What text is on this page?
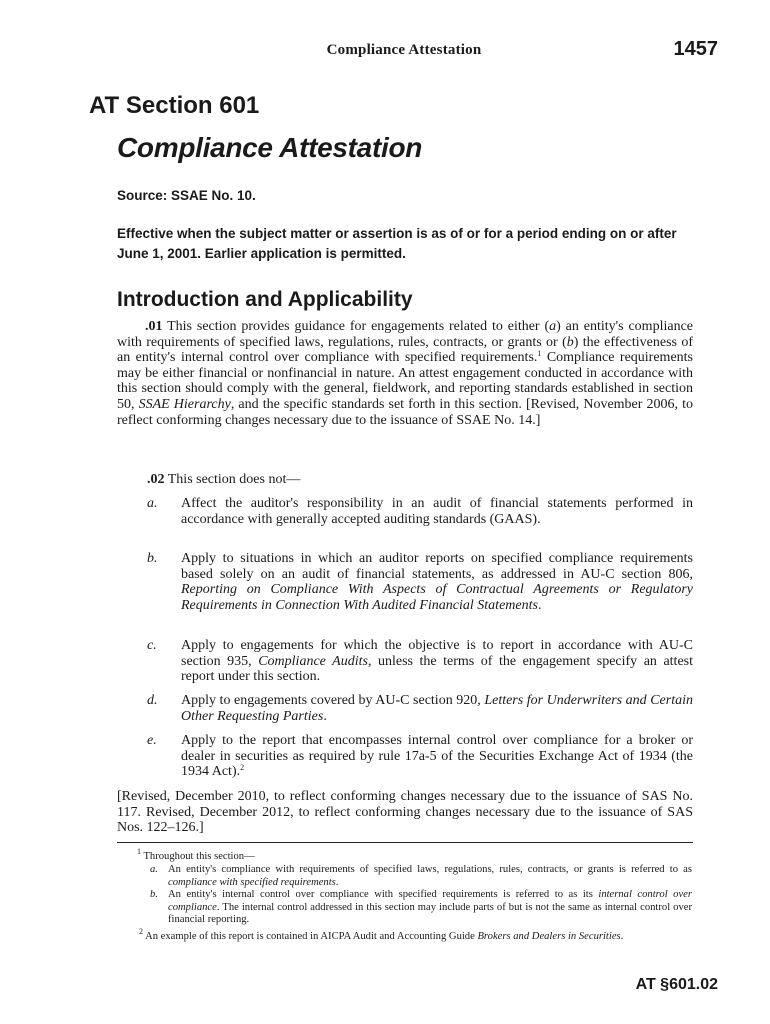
Compliance Attestation	1457
AT Section 601
Compliance Attestation
Source: SSAE No. 10.
Effective when the subject matter or assertion is as of or for a period ending on or after June 1, 2001. Earlier application is permitted.
Introduction and Applicability
.01 This section provides guidance for engagements related to either (a) an entity's compliance with requirements of specified laws, regulations, rules, contracts, or grants or (b) the effectiveness of an entity's internal control over compliance with specified requirements.$^1$ Compliance requirements may be either financial or nonfinancial in nature. An attest engagement conducted in accordance with this section should comply with the general, fieldwork, and reporting standards established in section 50, SSAE Hierarchy, and the specific standards set forth in this section. [Revised, November 2006, to reflect conforming changes necessary due to the issuance of SSAE No. 14.]
.02 This section does not—
a. Affect the auditor's responsibility in an audit of financial statements performed in accordance with generally accepted auditing standards (GAAS).
b. Apply to situations in which an auditor reports on specified compliance requirements based solely on an audit of financial statements, as addressed in AU-C section 806, Reporting on Compliance With Aspects of Contractual Agreements or Regulatory Requirements in Connection With Audited Financial Statements.
c. Apply to engagements for which the objective is to report in accordance with AU-C section 935, Compliance Audits, unless the terms of the engagement specify an attest report under this section.
d. Apply to engagements covered by AU-C section 920, Letters for Underwriters and Certain Other Requesting Parties.
e. Apply to the report that encompasses internal control over compliance for a broker or dealer in securities as required by rule 17a-5 of the Securities Exchange Act of 1934 (the 1934 Act).$^2$
[Revised, December 2010, to reflect conforming changes necessary due to the issuance of SAS No. 117. Revised, December 2012, to reflect conforming changes necessary due to the issuance of SAS Nos. 122–126.]
$^1$ Throughout this section—
a. An entity's compliance with requirements of specified laws, regulations, rules, contracts, or grants is referred to as compliance with specified requirements.
b. An entity's internal control over compliance with specified requirements is referred to as its internal control over compliance. The internal control addressed in this section may include parts of but is not the same as internal control over financial reporting.
$^2$ An example of this report is contained in AICPA Audit and Accounting Guide Brokers and Dealers in Securities.
AT §601.02
